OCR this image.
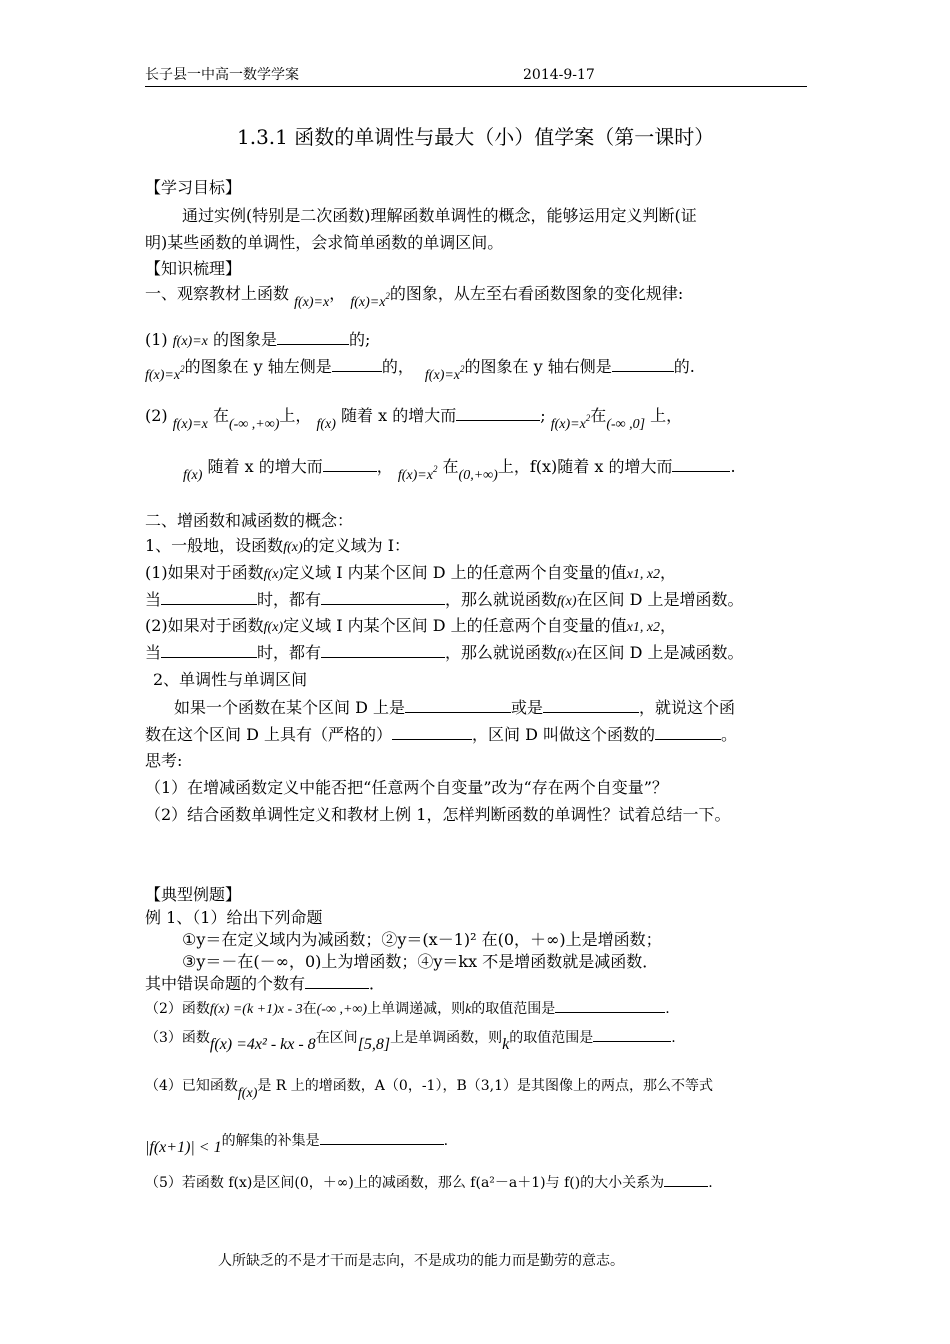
长子县一中高一数学学案	2014-9-17
1.3.1 函数的单调性与最大（小）值学案（第一课时）
【学习目标】
通过实例(特别是二次函数)理解函数单调性的概念，能够运用定义判断(证
明)某些函数的单调性，会求简单函数的单调区间。
【知识梳理】
一、观察教材上函数 f(x)=x， $f(x)=x^2$的图象，从左至右看函数图象的变化规律:
(1) f(x)=x 的图象是	的;
$f(x)=x^2$的图象在 y 轴左侧是	的， $f(x)=x^2$的图象在 y 轴右侧是	的.
(2) f(x)=x 在(-∞ ,+∞)上， f(x) 随着 x 的增大而	; $f(x)=x^2$在(-∞ ,0] 上，
f(x) 随着 x 的增大而	， $f(x)=x^2$ 在(0,+∞)上，f(x)随着 x 的增大而	.
二、增函数和减函数的概念：
1、一般地，设函数f(x)的定义域为 I：
(1)如果对于函数f(x)定义域 I 内某个区间 D 上的任意两个自变量的值x1, x2，
当	时，都有	，那么就说函数f(x)在区间 D 上是增函数。
(2)如果对于函数f(x)定义域 I 内某个区间 D 上的任意两个自变量的值x1, x2，
当	时，都有	，那么就说函数f(x)在区间 D 上是减函数。
2、单调性与单调区间
如果一个函数在某个区间 D 上是	或是	，就说这个函
数在这个区间 D 上具有（严格的）	，区间 D 叫做这个函数的	。
思考:
（1）在增减函数定义中能否把“任意两个自变量”改为“存在两个自变量”？
（2）结合函数单调性定义和教材上例 1，怎样判断函数的单调性？试着总结一下。
【典型例题】
例 1、（1）给出下列命题
①y＝在定义域内为减函数；②y＝(x－1)² 在(0，＋∞)上是增函数；
③y＝－在(－∞，0)上为增函数；④y＝kx 不是增函数就是减函数．
其中错误命题的个数有	．
（2）函数f(x) =(k +1)x - 3在(-∞ ,+∞)上单调递减，则k的取值范围是	.
（3）函数f(x) =4x² - kx - 8在区间[5,8]上是单调函数，则k的取值范围是	.
（4）已知函数f(x)是 R 上的增函数，A（0，-1），B（3,1）是其图像上的两点，那么不等式
|f(x+1)| < 1的解集的补集是	.
（5）若函数 f(x)是区间(0，＋∞)上的减函数，那么 f(a²－a＋1)与 f()的大小关系为	.
人所缺乏的不是才干而是志向，不是成功的能力而是勤劳的意志。
